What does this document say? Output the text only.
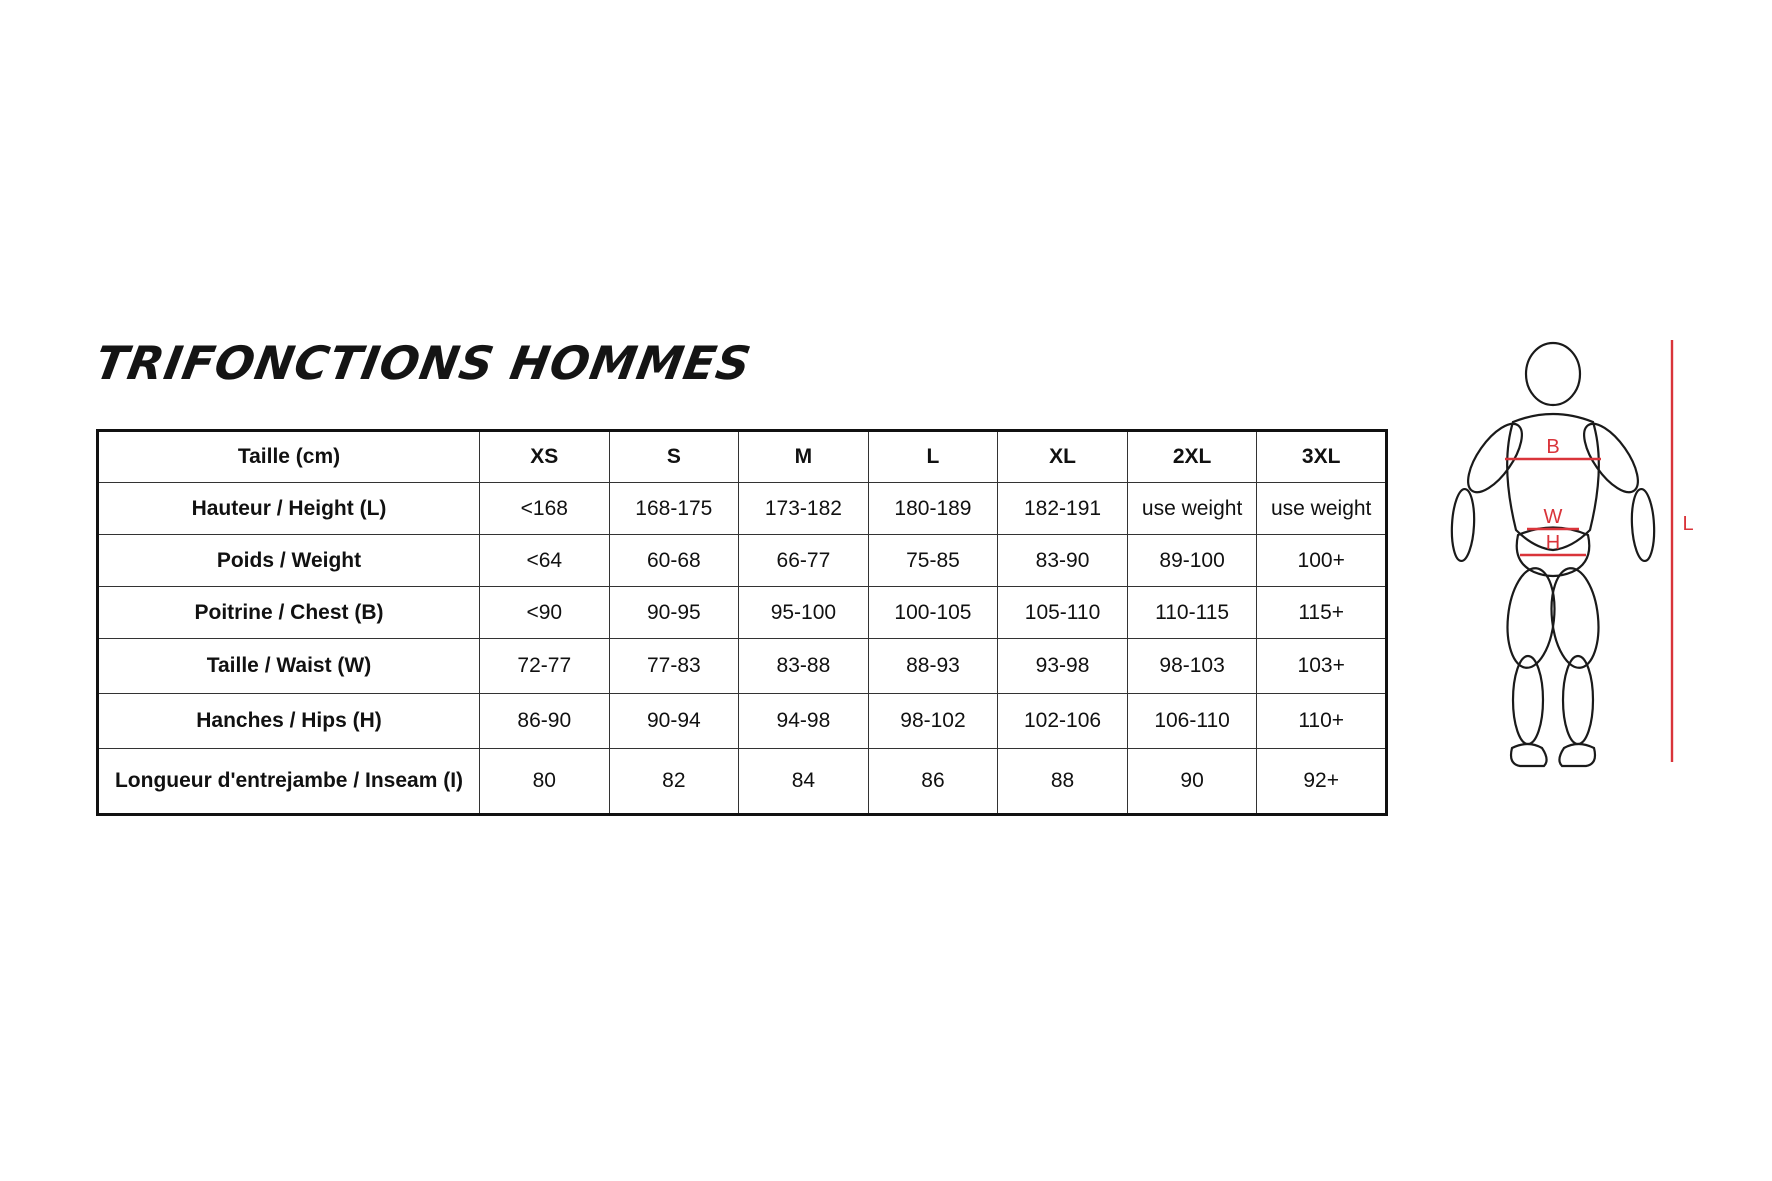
TRIFONCTIONS HOMMES
Taille (cm)	XS	S	M	L	XL	2XL	3XL
Hauteur / Height (L)	<168	168-175	173-182	180-189	182-191	use weight	use weight
Poids / Weight	<64	60-68	66-77	75-85	83-90	89-100	100+
Poitrine / Chest (B)	<90	90-95	95-100	100-105	105-110	110-115	115+
Taille / Waist (W)	72-77	77-83	83-88	88-93	93-98	98-103	103+
Hanches / Hips (H)	86-90	90-94	94-98	98-102	102-106	106-110	110+
Longueur d'entrejambe / Inseam (I)	80	82	84	86	88	90	92+
B
W
H
L
